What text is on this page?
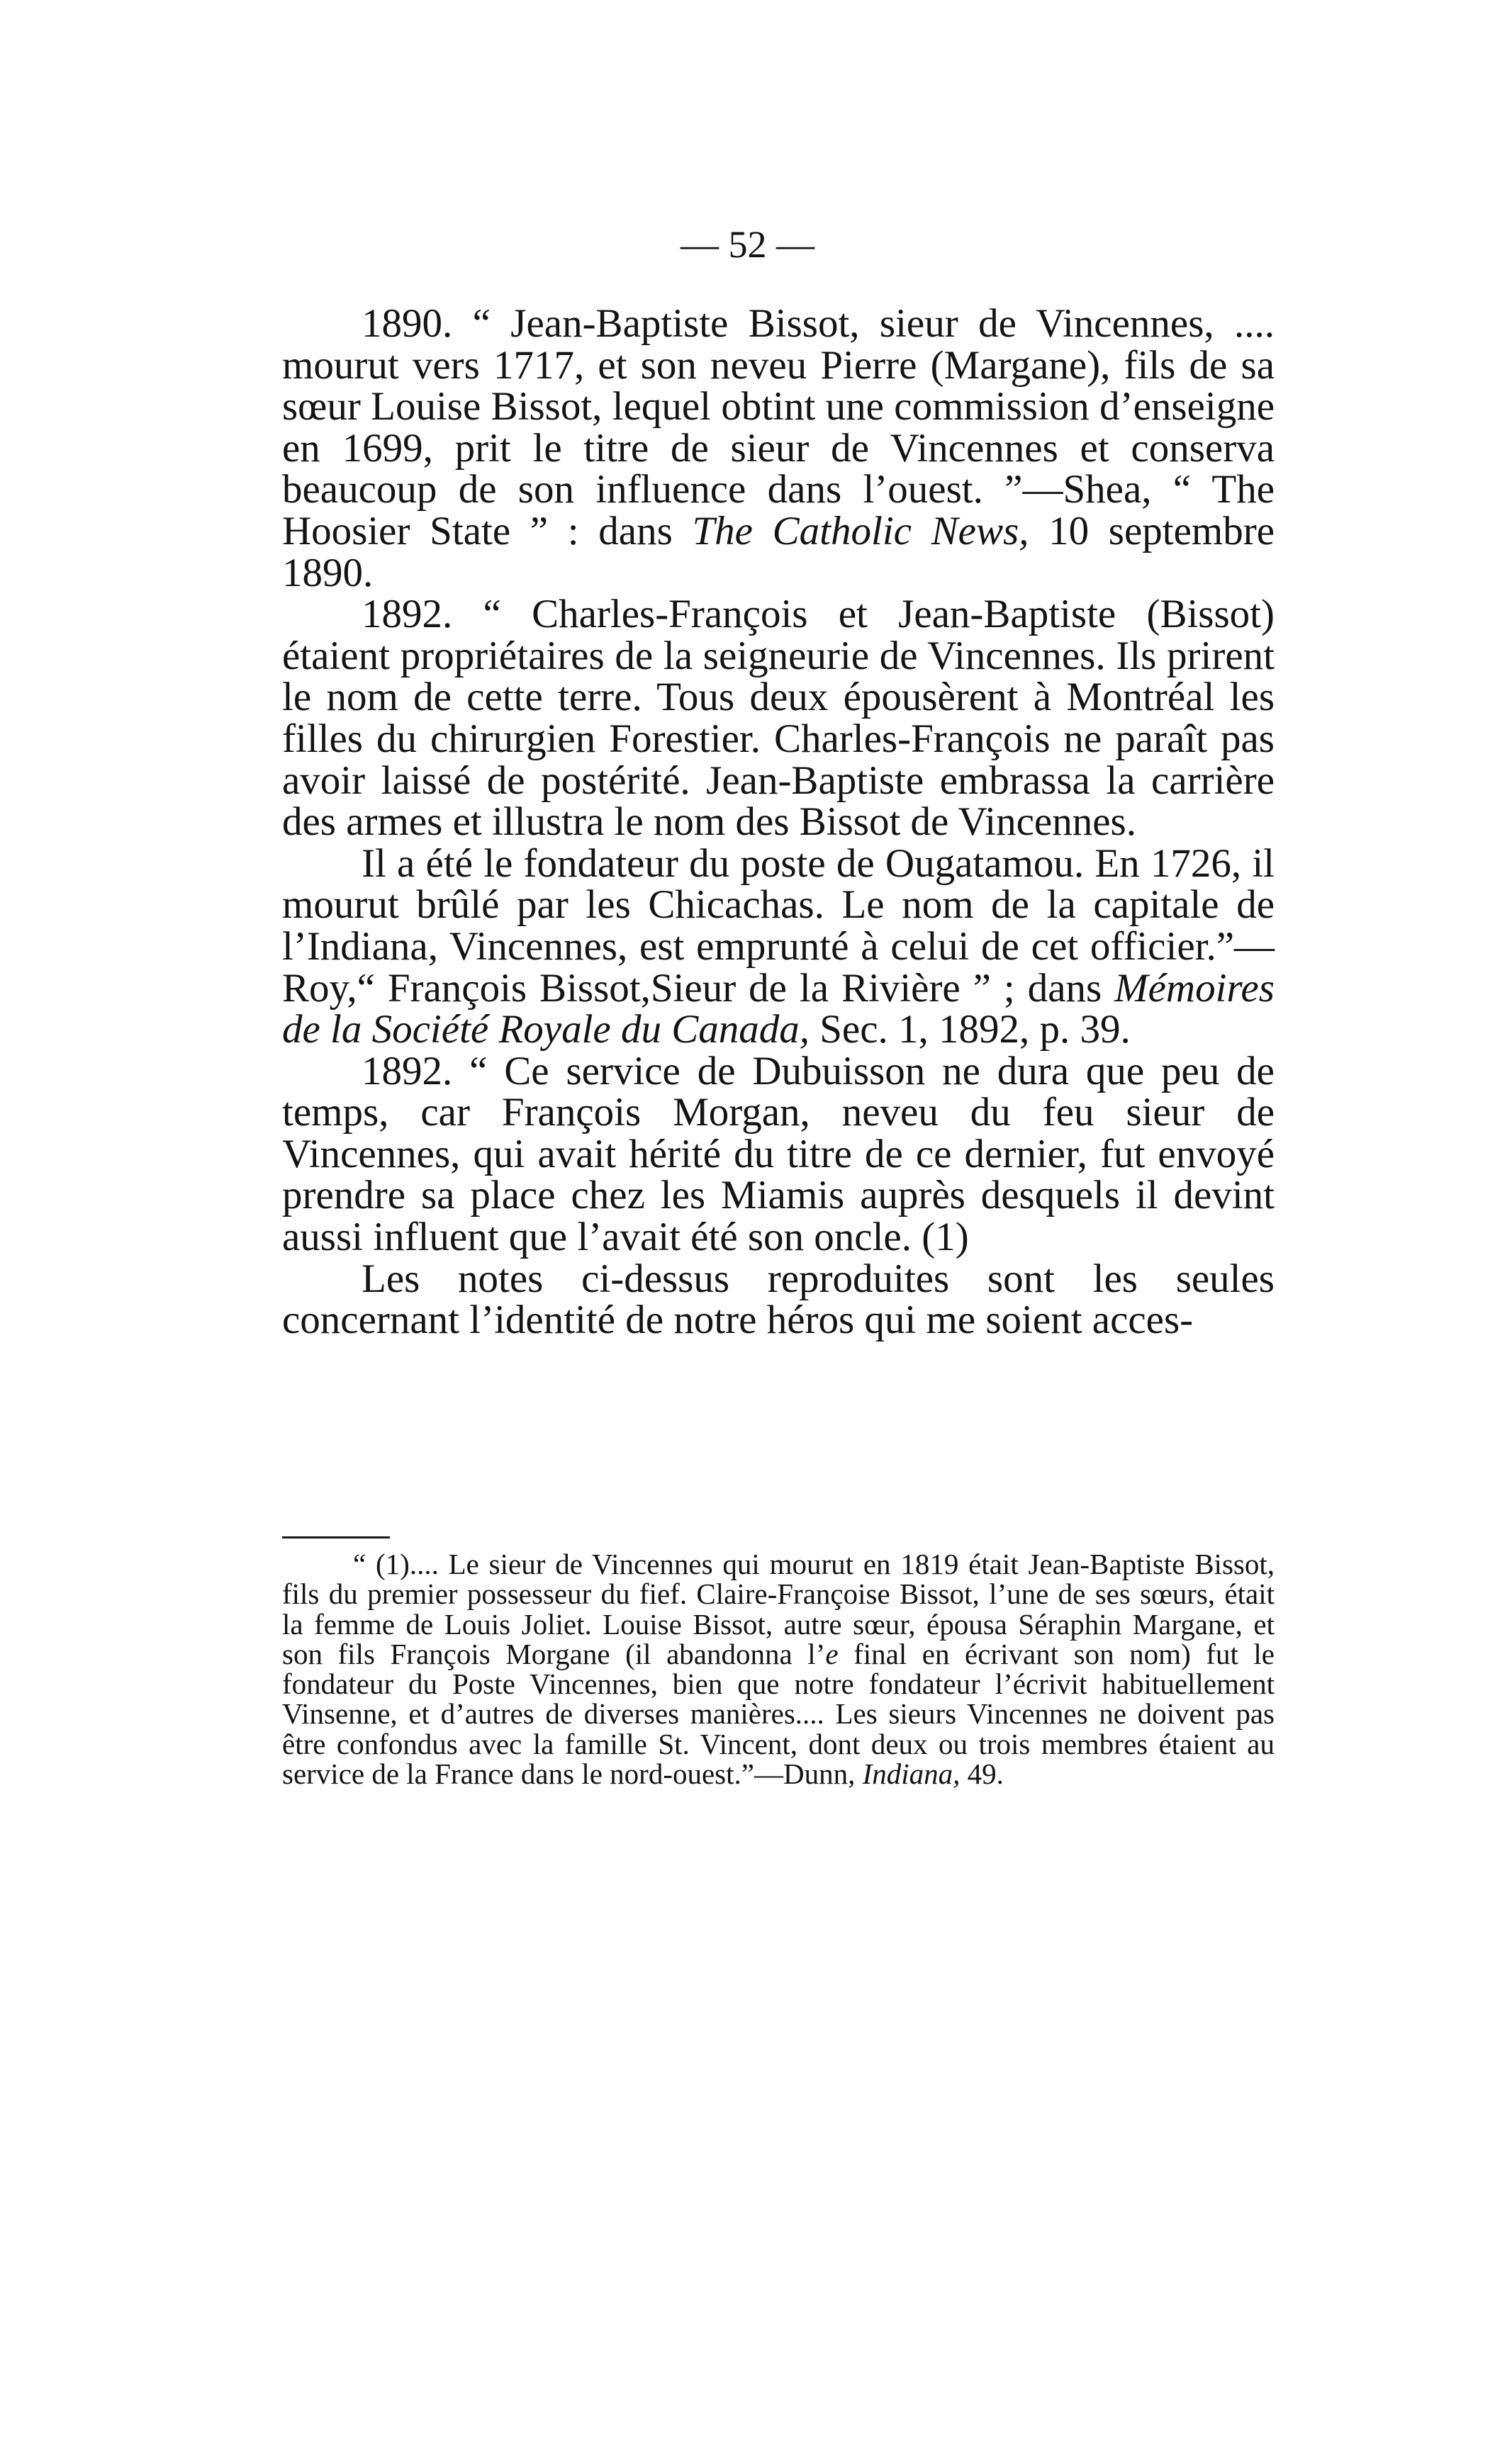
— 52 —

1890. “ Jean-Baptiste Bissot, sieur de Vincennes, .... mourut vers 1717, et son neveu Pierre (Margane), fils de sa sœur Louise Bissot, lequel obtint une commission d’enseigne en 1699, prit le titre de sieur de Vincennes et conserva beaucoup de son influence dans l’ouest. ”—Shea, “ The Hoosier State ” : dans The Catholic News, 10 septembre 1890.

1892. “ Charles-François et Jean-Baptiste (Bissot) étaient propriétaires de la seigneurie de Vincennes. Ils prirent le nom de cette terre. Tous deux épousèrent à Montréal les filles du chirurgien Forestier. Charles-François ne paraît pas avoir laissé de postérité. Jean-Baptiste embrassa la carrière des armes et illustra le nom des Bissot de Vincennes.

Il a été le fondateur du poste de Ougatamou. En 1726, il mourut brûlé par les Chicachas. Le nom de la capitale de l’Indiana, Vincennes, est emprunté à celui de cet officier.”—Roy,“ François Bissot,Sieur de la Rivière ” ; dans Mémoires de la Société Royale du Canada, Sec. 1, 1892, p. 39.

1892. “ Ce service de Dubuisson ne dura que peu de temps, car François Morgan, neveu du feu sieur de Vincennes, qui avait hérité du titre de ce dernier, fut envoyé prendre sa place chez les Miamis auprès desquels il devint aussi influent que l’avait été son oncle. (1)

Les notes ci-dessus reproduites sont les seules concernant l’identité de notre héros qui me soient acces-

“ (1).... Le sieur de Vincennes qui mourut en 1819 était Jean-Baptiste Bissot, fils du premier possesseur du fief. Claire-Françoise Bissot, l’une de ses sœurs, était la femme de Louis Joliet. Louise Bissot, autre sœur, épousa Séraphin Margane, et son fils François Morgane (il abandonna l’e final en écrivant son nom) fut le fondateur du Poste Vincennes, bien que notre fondateur l’écrivit habituellement Vinsenne, et d’autres de diverses manières.... Les sieurs Vincennes ne doivent pas être confondus avec la famille St. Vincent, dont deux ou trois membres étaient au service de la France dans le nord-ouest.”—Dunn, Indiana, 49.
